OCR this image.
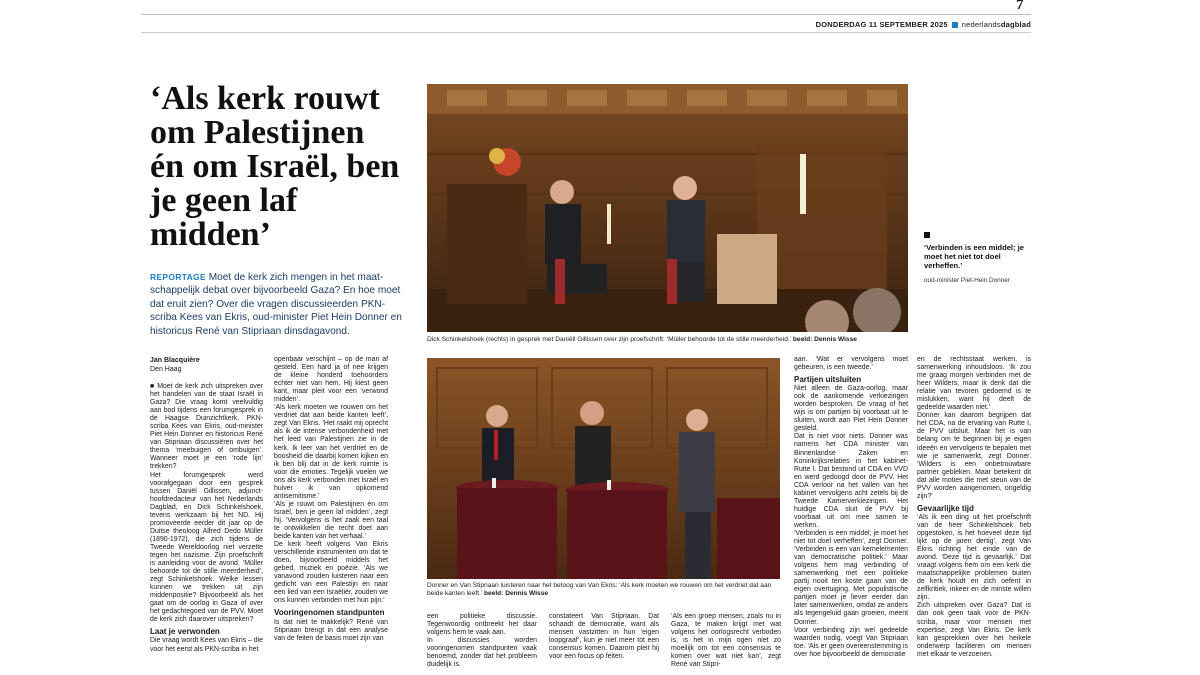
7
DONDERDAG 11 SEPTEMBER 2025 nederlandsdagblad
‘Als kerk rouwt om Palestijnen én om Israël, ben je geen laf midden’
REPORTAGE Moet de kerk zich mengen in het maat-schappelijk debat over bijvoorbeeld Gaza? En hoe moet dat eruit zien? Over die vragen discussieerden PKN-scriba Kees van Ekris, oud-minister Piet Hein Donner en historicus René van Stipriaan dinsdagavond.
Jan Blacquière
Den Haag
Dick Schinkelshoek (rechts) in gesprek met Daniëll Gillissen over zijn proefschrift: ‘Müller behoorde tot de stille meerderheid.’ beeld: Dennis Wisse
‘Verbinden is een middel; je moet het niet tot doel verheffen.’
oud-minister Piet-Hein Donner
Donner en Van Stipriaan luisteren naar het betoog van Van Ekris: ‘Als kerk moeten we rouwen om het verdriet dat aan beide kanten leeft.’ beeld: Dennis Wisse

■ Moet de kerk zich uitspreken over het handelen van de staat Israël in Gaza? Die vraag komt veelvuldig aan bod tijdens een forumgesprek in de Haagse Duinzichtkerk. PKN-scriba Kees van Ekris, oud-minister Piet Hein Donner en historicus René van Stipriaan discussiëren over het thema ‘meebuigen of ombuigen’. Wanneer moet je een ‘rode lijn’ trekken?
Het forumgesprek werd voorafgegaan door een gesprek tussen Daniël Gillissen, adjunct-hoofdredacteur van het Nederlands Dagblad, en Dick Schinkelshoek, tevens werkzaam bij het ND. Hij promoveerde eerder dit jaar op de Duitse theoloog Alfred Dedo Müller (1890-1972), die zich tijdens de Tweede Wereldoorlog niet verzette tegen het nazisme. Zijn proefschrift is aanleiding voor de avond. ‘Müller behoorde tot de stille meerderheid’, zegt Schinkelshoek. Welke lessen kunnen we trekken uit zijn middenpositie? Bijvoorbeeld als het gaat om de oorlog in Gaza of over het gedachtegoed van de PVV. Moet de kerk zich daarover uitspreken?

Laat je verwonden

Die vraag wordt Kees van Ekris – die voor het eerst als PKN-scriba in het

openbaar verschijnt – op de man af gesteld. Een hard ja of nee krijgen de kleine honderd toehoorders echter niet van hem. Hij kiest geen kant, maar pleit voor een ‘verwond midden’.
‘Als kerk moeten we rouwen om het verdriet dat aan beide kanten leeft’, zegt Van Ekris. ‘Het raakt mij oprecht als ik de intense verbondenheid met het leed van Palestijnen zie in de kerk. Ik leer van het verdriet en de boosheid die daarbij komen kijken en ik ben blij dat in de kerk ruimte is voor die emoties. Tegelijk voelen we ons als kerk verbonden met Israël en huiver ik van opkomend antisemitisme.’
‘Als je rouwt om Palestijnen én om Israël, ben je geen laf midden’, zegt hij. ‘Vervolgens is het zaak een taal te ontwikkelen die recht doet aan beide kanten van het verhaal.’
De kerk heeft volgens Van Ekris verschillende instrumenten om dat te doen, bijvoorbeeld middels het gebed, muziek en poëzie. ‘Als we vanavond zouden luisteren naar een gedicht van een Palestijn en naar een lied van een Israëliër, zouden we ons kunnen verbinden met hun pijn.’

Vooringenomen standpunten

Is dat niet te makkelijk? René van Stipriaan brengt in dat een analyse van de feiten de basis moet zijn van

een politieke discussie. Tegenwoordig ontbreekt het daar volgens hem te vaak aan.
In discussies worden vooringenomen standpunten vaak benoemd, zonder dat het probleem duidelijk is.

constateert Van Stipriaan. Dat schaadt de democratie, want als mensen vastzitten in hun ‘eigen loopgraaf’, kun je niet meer tot een consensus komen. Daarom pleit hij voor een focus op feiten.

‘Als een groep mensen, zoals nu in Gaza, te maken krijgt met wat volgens het oorlogsrecht verboden is, is het in mijn ogen niet zo moeilijk om tot een consensus te komen over wat niet kan’, zegt René van Stipri-

aan. ‘Wat er vervolgens moet gebeuren, is een tweede.’

Partijen uitsluiten

Niet alleen de Gaza-oorlog, maar ook de aankomende verkiezingen worden besproken. De vraag of het wijs is om partijen bij voorbaat uit te sluiten, wordt aan Piet Hein Donner gesteld.
Dat is niet voor niets. Donner was namens het CDA minister van Binnenlandse Zaken en Koninkrijksrelaties in het kabinet-Rutte I. Dat bestond uit CDA en VVD en werd gedoogd door de PVV. Het CDA verloor na het vallen van het kabinet vervolgens acht zetels bij de Tweede Kamerverkiezingen. Het huidige CDA sluit de PVV bij voorbaat uit om mee samen te werken.
‘Verbinden is een middel; je moet het niet tot doel verheffen’, zegt Donner. ‘Verbinden is een van kernelementen van democratische politiek.’ Maar volgens hem mag verbinding of samenwerking met een politieke partij nooit ten koste gaan van de eigen overtuiging. Met populistische partijen moet je liever eerder dan later samenwerken, omdat ze anders als tegengeluid gaan groeien, meent Donner.
Voor verbinding zijn wel gedeelde waarden nodig, voegt Van Stipriaan toe. ‘Als er geen overeenstemming is over hoe bijvoorbeeld de democratie

en de rechtsstaat werken, is samenwerking inhoudsloos. ‘Ik zou me graag morgen verbinden met de heer Wilders, maar ik denk dat die relatie van tevoren gedoemd is te mislukken, want hij deelt de gedeelde waarden niet.’
Donner kan daarom begrijpen dat het CDA, na de ervaring van Rutte I, de PVV uitsluit. Maar het is van belang om te beginnen bij je eigen ideeën en vervolgens te bepalen met wie je samenwerkt, zegt Donner. ‘Wilders is een onbetrouwbare partner gebleken. Maar betekent dit dat alle moties die met steun van de PVV worden aangenomen, ongeldig zijn?’

Gevaarlijke tijd

‘Als ik een ding uit het proefschrift van de heer Schinkelshoek heb opgestoken, is het hoeveel deze tijd lijkt op de jaren dertig’, zegt Van Ekris richting het einde van de avond. ‘Deze tijd is gevaarlijk.’ Dat vraagt volgens hem om een kerk die maatschappelijke problemen buiten de kerk houdt en zich oefent in zelfkritiek, inkeer en de minste willen zijn.
Zich uitspreken over Gaza? Dat is dan ook geen taak voor de PKN-scriba, maar voor mensen met expertise, zegt Van Ekris. De kerk kan gesprekken over het heikele onderwerp faciliteren om mensen met elkaar te verzoenen.
